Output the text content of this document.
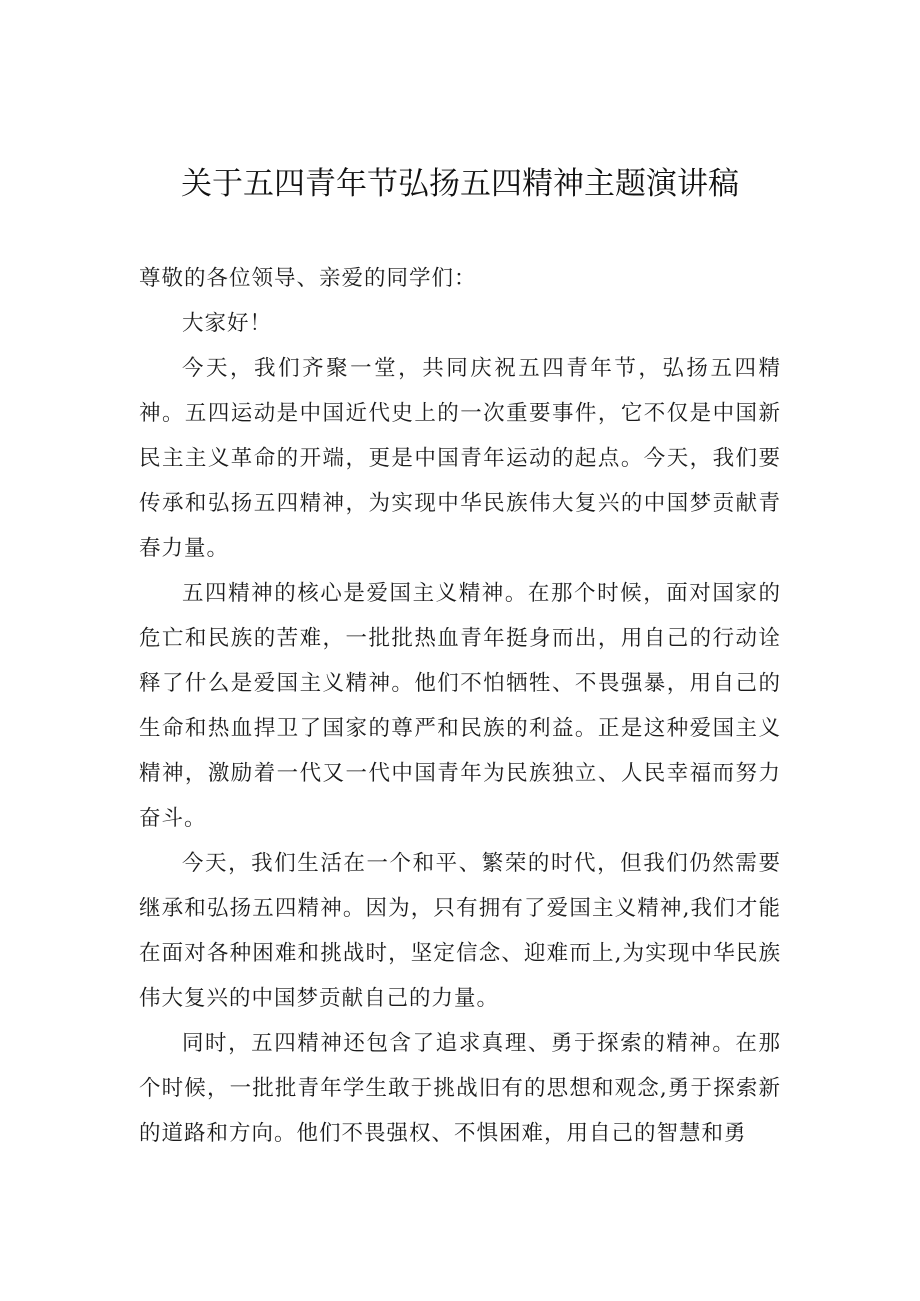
关于五四青年节弘扬五四精神主题演讲稿

尊敬的各位领导、亲爱的同学们：

大家好！

今天，我们齐聚一堂，共同庆祝五四青年节，弘扬五四精神。五四运动是中国近代史上的一次重要事件，它不仅是中国新民主主义革命的开端，更是中国青年运动的起点。今天，我们要传承和弘扬五四精神，为实现中华民族伟大复兴的中国梦贡献青春力量。

五四精神的核心是爱国主义精神。在那个时候，面对国家的危亡和民族的苦难，一批批热血青年挺身而出，用自己的行动诠释了什么是爱国主义精神。他们不怕牺牲、不畏强暴，用自己的生命和热血捍卫了国家的尊严和民族的利益。正是这种爱国主义精神，激励着一代又一代中国青年为民族独立、人民幸福而努力奋斗。

今天，我们生活在一个和平、繁荣的时代，但我们仍然需要继承和弘扬五四精神。因为，只有拥有了爱国主义精神,我们才能在面对各种困难和挑战时，坚定信念、迎难而上,为实现中华民族伟大复兴的中国梦贡献自己的力量。

同时，五四精神还包含了追求真理、勇于探索的精神。在那个时候，一批批青年学生敢于挑战旧有的思想和观念,勇于探索新的道路和方向。他们不畏强权、不惧困难，用自己的智慧和勇
